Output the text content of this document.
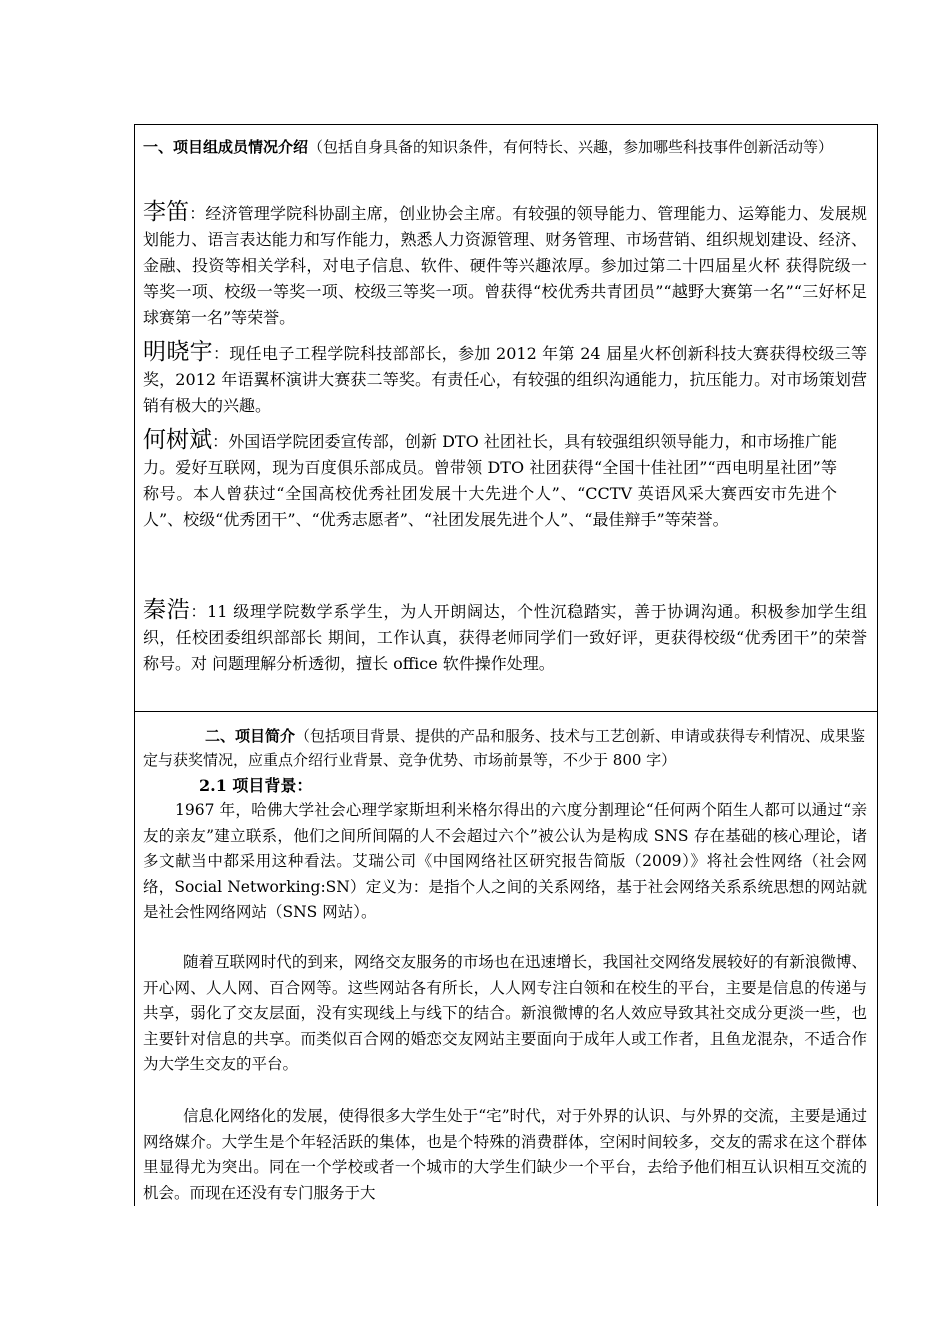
一、项目组成员情况介绍（包括自身具备的知识条件，有何特长、兴趣，参加哪些科技事件创新活动等）
李笛：经济管理学院科协副主席，创业协会主席。有较强的领导能力、管理能力、运筹能力、发展规划能力、语言表达能力和写作能力，熟悉人力资源管理、财务管理、市场营销、组织规划建设、经济、金融、投资等相关学科，对电子信息、软件、硬件等兴趣浓厚。参加过第二十四届星火杯 获得院级一等奖一项、校级一等奖一项、校级三等奖一项。曾获得“校优秀共青团员”“越野大赛第一名”“三好杯足球赛第一名”等荣誉。
明晓宇：现任电子工程学院科技部部长，参加 2012 年第 24 届星火杯创新科技大赛获得校级三等奖，2012 年语翼杯演讲大赛获二等奖。有责任心，有较强的组织沟通能力，抗压能力。对市场策划营销有极大的兴趣。
何树斌：外国语学院团委宣传部，创新 DTO 社团社长，具有较强组织领导能力，和市场推广能力。爱好互联网，现为百度俱乐部成员。曾带领 DTO 社团获得“全国十佳社团”“西电明星社团”等称号。本人曾获过“全国高校优秀社团发展十大先进个人”、“CCTV 英语风采大赛西安市先进个人”、校级“优秀团干”、“优秀志愿者”、“社团发展先进个人”、“最佳辩手”等荣誉。
秦浩：11 级理学院数学系学生，为人开朗阔达，个性沉稳踏实，善于协调沟通。积极参加学生组织，任校团委组织部部长 期间，工作认真，获得老师同学们一致好评，更获得校级“优秀团干”的荣誉称号。对 问题理解分析透彻，擅长 office 软件操作处理。
二、项目简介（包括项目背景、提供的产品和服务、技术与工艺创新、申请或获得专利情况、成果鉴定与获奖情况，应重点介绍行业背景、竞争优势、市场前景等，不少于 800 字）
2.1 项目背景：
1967 年，哈佛大学社会心理学家斯坦利米格尔得出的六度分割理论“任何两个陌生人都可以通过“亲友的亲友”建立联系，他们之间所间隔的人不会超过六个”被公认为是构成 SNS 存在基础的核心理论，诸多文献当中都采用这种看法。艾瑞公司《中国网络社区研究报告简版（2009）》将社会性网络（社会网络，Social Networking:SN）定义为：是指个人之间的关系网络，基于社会网络关系系统思想的网站就是社会性网络网站（SNS 网站）。
随着互联网时代的到来，网络交友服务的市场也在迅速增长，我国社交网络发展较好的有新浪微博、开心网、人人网、百合网等。这些网站各有所长，人人网专注白领和在校生的平台，主要是信息的传递与共享，弱化了交友层面，没有实现线上与线下的结合。新浪微博的名人效应导致其社交成分更淡一些，也主要针对信息的共享。而类似百合网的婚恋交友网站主要面向于成年人或工作者，且鱼龙混杂，不适合作为大学生交友的平台。
信息化网络化的发展，使得很多大学生处于“宅”时代，对于外界的认识、与外界的交流，主要是通过网络媒介。大学生是个年轻活跃的集体，也是个特殊的消费群体，空闲时间较多，交友的需求在这个群体里显得尤为突出。同在一个学校或者一个城市的大学生们缺少一个平台，去给予他们相互认识相互交流的机会。而现在还没有专门服务于大
